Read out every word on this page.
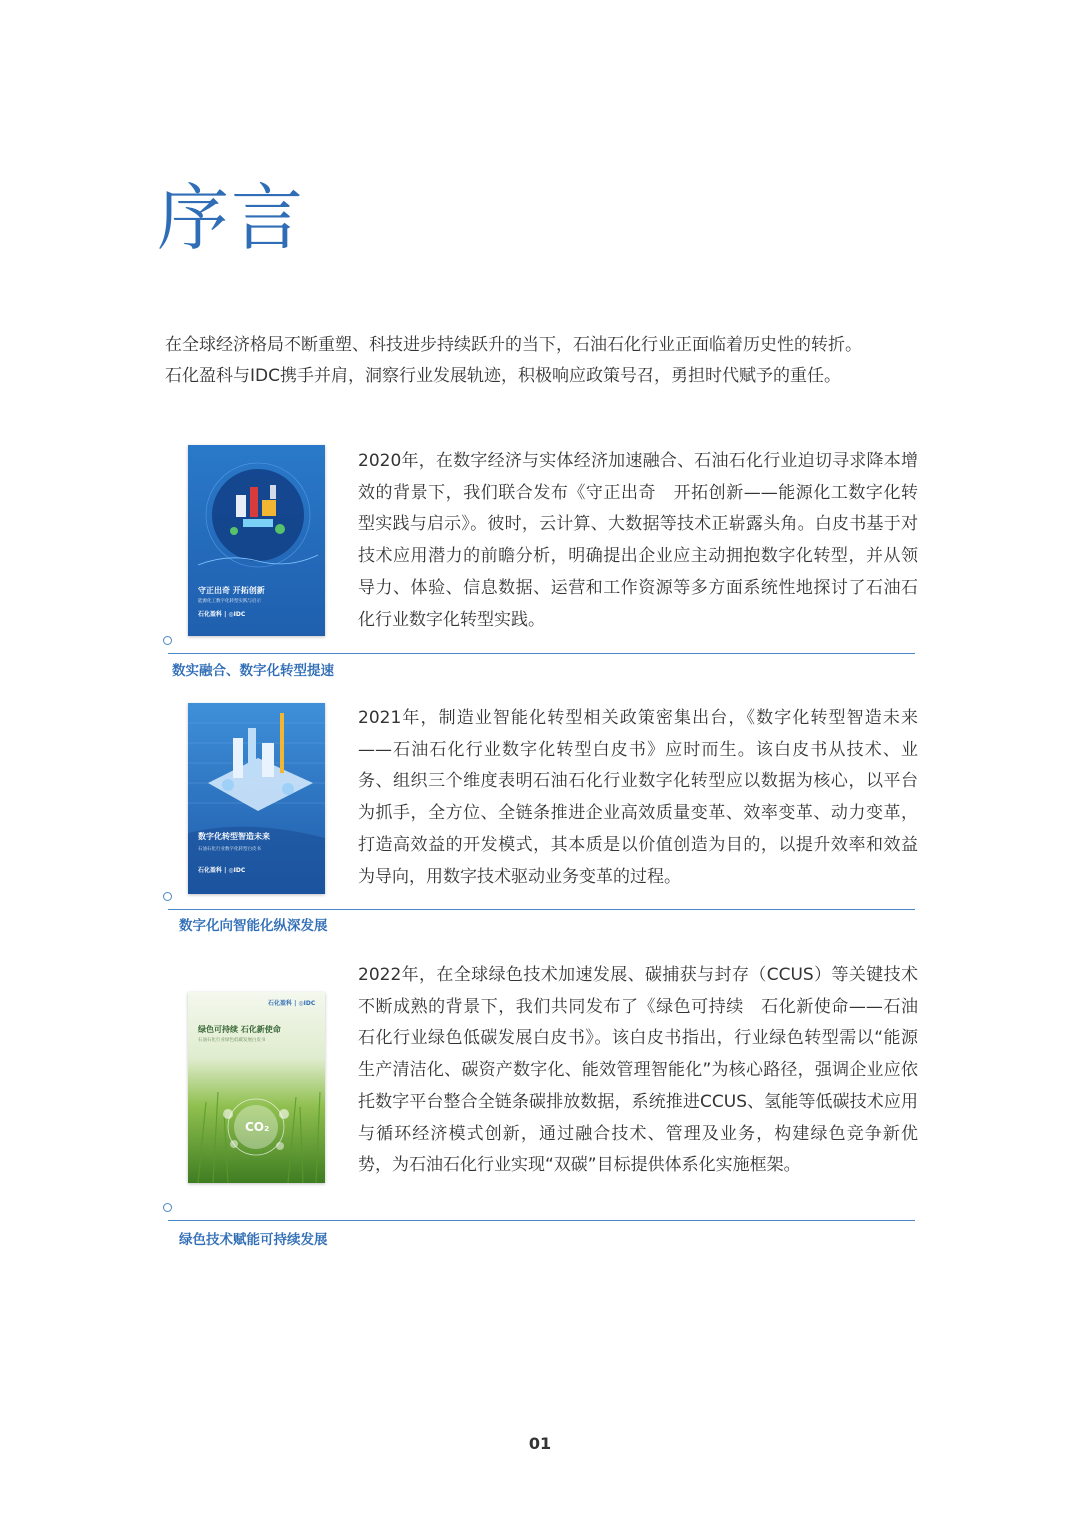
序言

在全球经济格局不断重塑、科技进步持续跃升的当下，石油石化行业正面临着历史性的转折。

石化盈科与IDC携手并肩，洞察行业发展轨迹，积极响应政策号召，勇担时代赋予的重任。

守正出奇 开拓创新
能源化工数字化转型实践与启示
石化盈科 | ◎IDC

2020年，在数字经济与实体经济加速融合、石油石化行业迫切寻求降本增效的背景下，我们联合发布《守正出奇　开拓创新——能源化工数字化转型实践与启示》。彼时，云计算、大数据等技术正崭露头角。白皮书基于对技术应用潜力的前瞻分析，明确提出企业应主动拥抱数字化转型，并从领导力、体验、信息数据、运营和工作资源等多方面系统性地探讨了石油石化行业数字化转型实践。

数实融合、数字化转型提速
数字化转型智造未来
石油石化行业数字化转型白皮书
石化盈科 | ◎IDC

2021年，制造业智能化转型相关政策密集出台，《数字化转型智造未来——石油石化行业数字化转型白皮书》应时而生。该白皮书从技术、业务、组织三个维度表明石油石化行业数字化转型应以数据为核心，以平台为抓手，全方位、全链条推进企业高效质量变革、效率变革、动力变革，打造高效益的开发模式，其本质是以价值创造为目的，以提升效率和效益为导向，用数字技术驱动业务变革的过程。

数字化向智能化纵深发展
石化盈科 | ◎IDC
绿色可持续 石化新使命
石油石化行业绿色低碳发展白皮书
CO₂

2022年，在全球绿色技术加速发展、碳捕获与封存（CCUS）等关键技术不断成熟的背景下，我们共同发布了《绿色可持续　石化新使命——石油石化行业绿色低碳发展白皮书》。该白皮书指出，行业绿色转型需以“能源生产清洁化、碳资产数字化、能效管理智能化”为核心路径，强调企业应依托数字平台整合全链条碳排放数据，系统推进CCUS、氢能等低碳技术应用与循环经济模式创新，通过融合技术、管理及业务，构建绿色竞争新优势，为石油石化行业实现“双碳”目标提供体系化实施框架。

绿色技术赋能可持续发展
01
